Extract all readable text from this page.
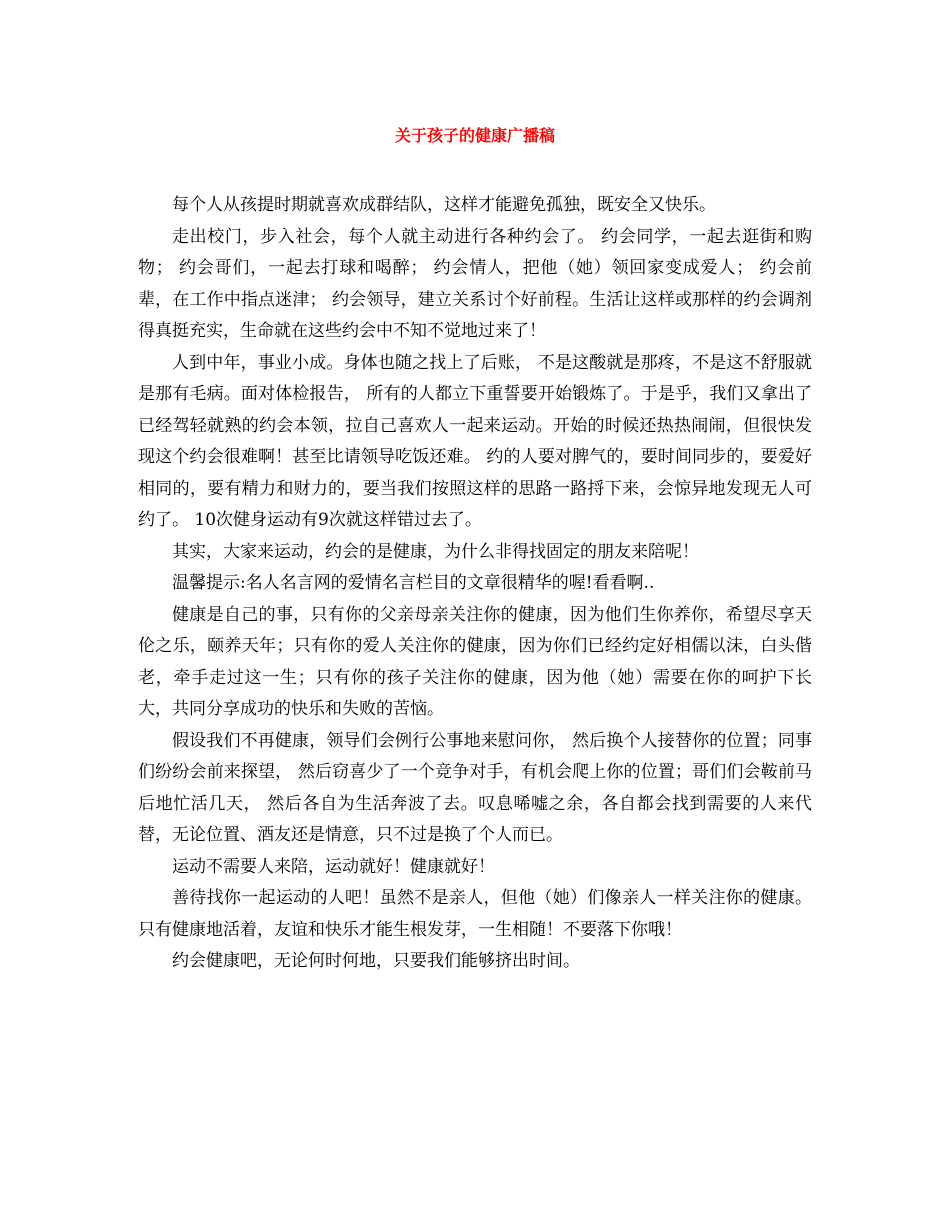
关于孩子的健康广播稿

每个人从孩提时期就喜欢成群结队，这样才能避免孤独，既安全又快乐。

走出校门，步入社会，每个人就主动进行各种约会了。 约会同学，一起去逛街和购物； 约会哥们，一起去打球和喝醉； 约会情人，把他（她）领回家变成爱人； 约会前辈，在工作中指点迷津； 约会领导，建立关系讨个好前程。生活让这样或那样的约会调剂得真挺充实，生命就在这些约会中不知不觉地过来了！

人到中年，事业小成。身体也随之找上了后账， 不是这酸就是那疼，不是这不舒服就是那有毛病。面对体检报告， 所有的人都立下重誓要开始锻炼了。于是乎，我们又拿出了已经驾轻就熟的约会本领，拉自己喜欢人一起来运动。开始的时候还热热闹闹，但很快发现这个约会很难啊！甚至比请领导吃饭还难。 约的人要对脾气的，要时间同步的，要爱好相同的，要有精力和财力的，要当我们按照这样的思路一路捋下来，会惊异地发现无人可约了。 10次健身运动有9次就这样错过去了。

其实，大家来运动，约会的是健康，为什么非得找固定的朋友来陪呢！

温馨提示:名人名言网的爱情名言栏目的文章很精华的喔!看看啊..

健康是自己的事，只有你的父亲母亲关注你的健康，因为他们生你养你，希望尽享天伦之乐，颐养天年；只有你的爱人关注你的健康，因为你们已经约定好相儒以沫，白头偕老，牵手走过这一生；只有你的孩子关注你的健康，因为他（她）需要在你的呵护下长大，共同分享成功的快乐和失败的苦恼。

假设我们不再健康，领导们会例行公事地来慰问你， 然后换个人接替你的位置；同事们纷纷会前来探望， 然后窃喜少了一个竞争对手，有机会爬上你的位置；哥们们会鞍前马后地忙活几天， 然后各自为生活奔波了去。叹息唏嘘之余，各自都会找到需要的人来代替，无论位置、酒友还是情意，只不过是换了个人而已。

运动不需要人来陪，运动就好！健康就好！

善待找你一起运动的人吧！虽然不是亲人，但他（她）们像亲人一样关注你的健康。只有健康地活着，友谊和快乐才能生根发芽，一生相随！不要落下你哦！

约会健康吧，无论何时何地，只要我们能够挤出时间。
